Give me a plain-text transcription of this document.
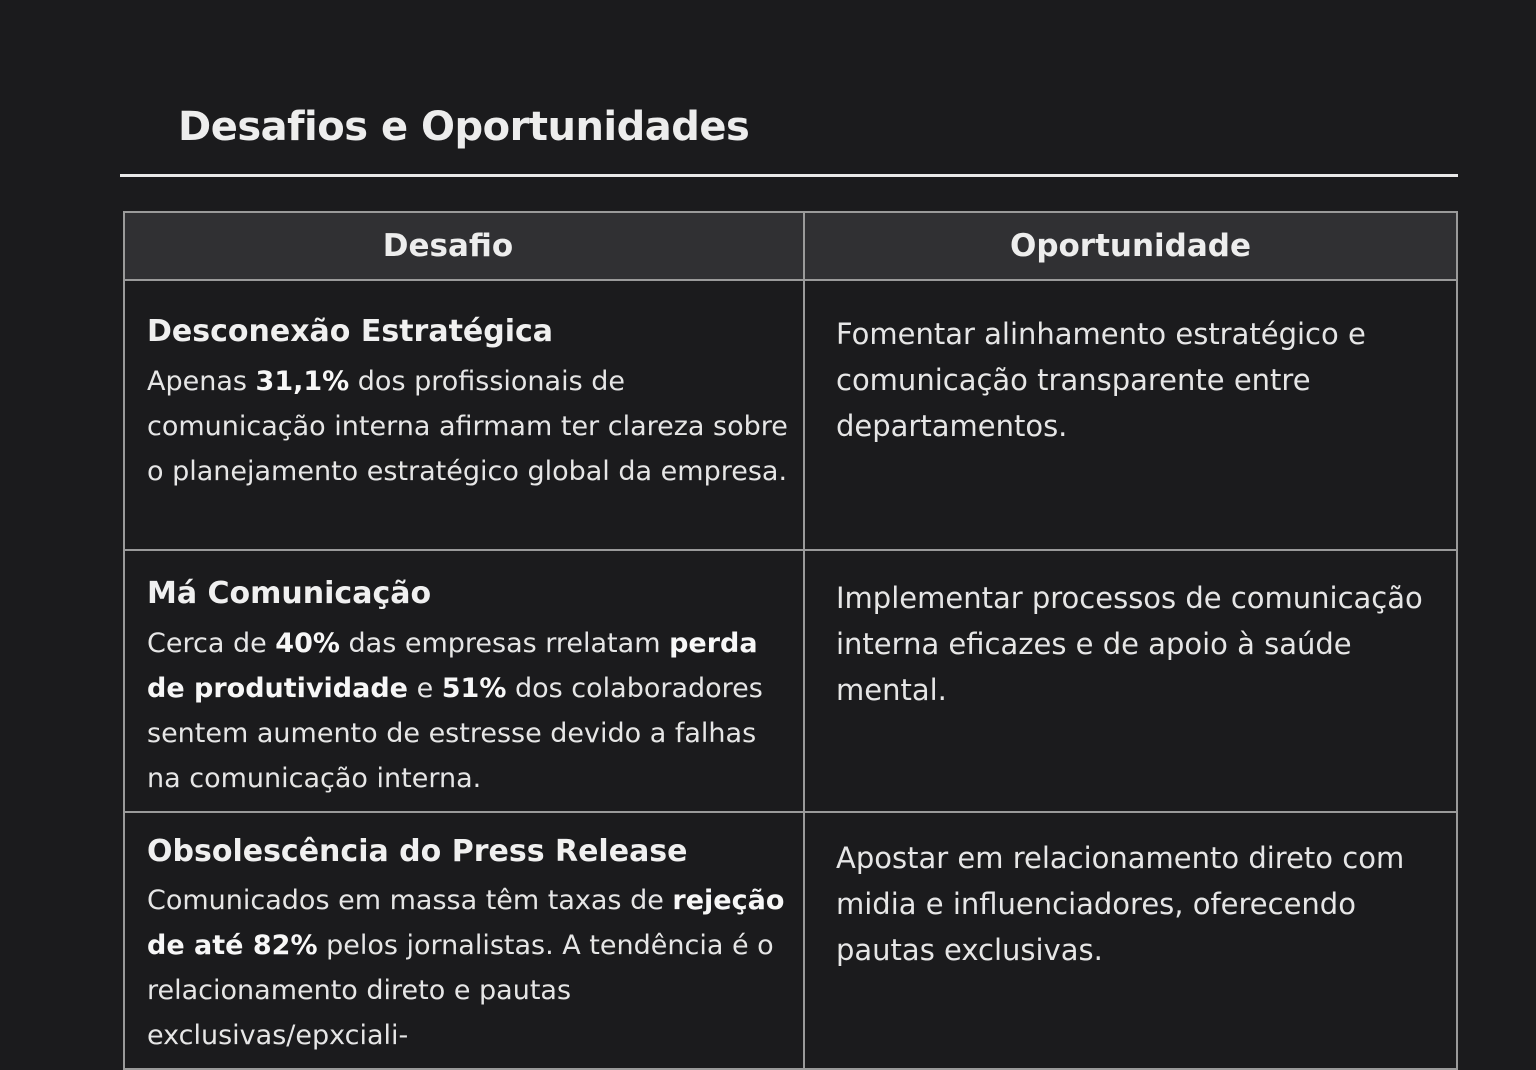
Desafios e Oportunidades
Desafio	Oportunidade

Desconexão Estratégica

Apenas 31,1% dos profissionais de comunicação interna afirmam ter clareza sobre o planejamento estratégico global da empresa.	Fomentar alinhamento estratégico e comunicação transparente entre departamentos.

Má Comunicação

Cerca de 40% das empresas rrelatam perda de produtividade e 51% dos colaboradores sentem aumento de estresse devido a falhas na comunicação interna.	Implementar processos de comunicação interna eficazes e de apoio à saúde mental.

Obsolescência do Press Release

Comunicados em massa têm taxas de rejeção de até 82% pelos jornalistas. A tendência é o relacionamento direto e pautas exclusivas/epxciali-	Apostar em relacionamento direto com midia e influenciadores, oferecendo pautas exclusivas.
